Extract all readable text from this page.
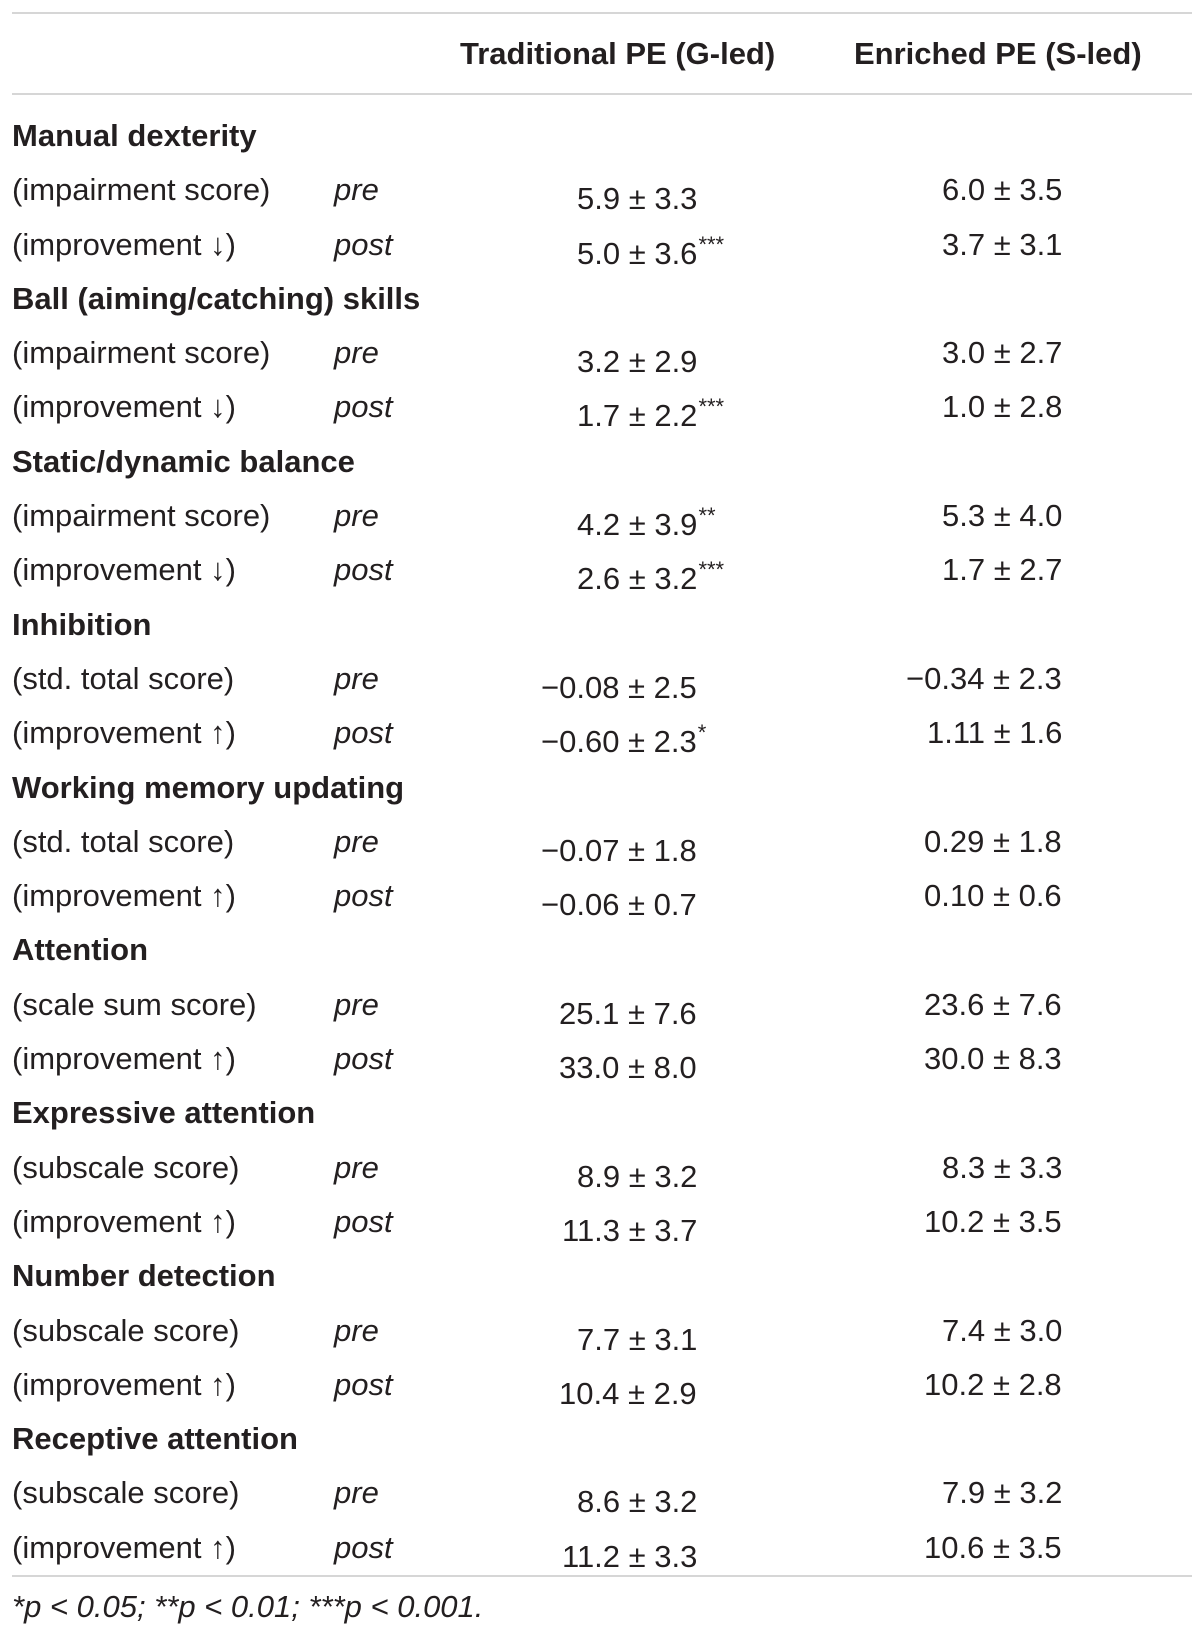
Traditional PE (G-led)	Enriched PE (S-led)
Manual dexterity
(impairment score) pre	5.9 ± 3.3	6.0 ± 3.5
(improvement ↓)	post	5.0 ± 3.6***	3.7 ± 3.1
Ball (aiming/catching) skills
(impairment score) pre	3.2 ± 2.9	3.0 ± 2.7
(improvement ↓)	post	1.7 ± 2.2***	1.0 ± 2.8
Static/dynamic balance
(impairment score) pre	4.2 ± 3.9**	5.3 ± 4.0
(improvement ↓)	post	2.6 ± 3.2***	1.7 ± 2.7
Inhibition
(std. total score)	pre	−0.08 ± 2.5	−0.34 ± 2.3
(improvement ↑)	post	−0.60 ± 2.3*	1.11 ± 1.6
Working memory updating
(std. total score)	pre	−0.07 ± 1.8	0.29 ± 1.8
(improvement ↑)	post	−0.06 ± 0.7	0.10 ± 0.6
Attention
(scale sum score) pre	25.1 ± 7.6	23.6 ± 7.6
(improvement ↑)	post	33.0 ± 8.0	30.0 ± 8.3
Expressive attention
(subscale score)	pre	8.9 ± 3.2	8.3 ± 3.3
(improvement ↑)	post	11.3 ± 3.7	10.2 ± 3.5
Number detection
(subscale score)	pre	7.7 ± 3.1	7.4 ± 3.0
(improvement ↑)	post	10.4 ± 2.9	10.2 ± 2.8
Receptive attention
(subscale score)	pre	8.6 ± 3.2	7.9 ± 3.2
(improvement ↑)	post	11.2 ± 3.3	10.6 ± 3.5
*p < 0.05; **p < 0.01; ***p < 0.001.
